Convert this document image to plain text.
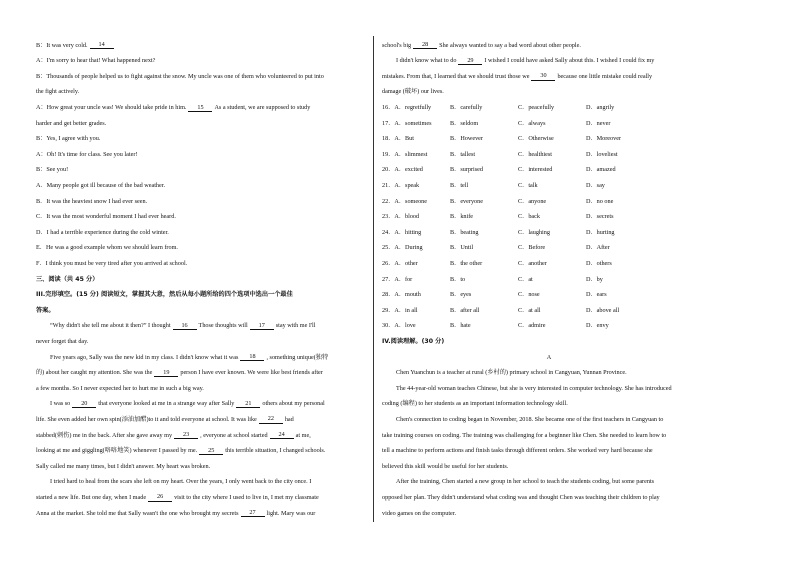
B：It was very cold.	14
A：I'm sorry to hear that! What happened next?
B：Thousands of people helped us to fight against the snow. My uncle was one of them who volunteered to put into
the fight actively.
A：How great your uncle was! We should take pride in him.	15	As a student, we are supposed to study
harder and get better grades.
B：Yes, I agree with you.
A：Oh! It's time for class. See you later!
B：See you!
A．Many people got ill because of the bad weather.
B．It was the heaviest snow I had ever seen.
C．It was the most wonderful moment I had ever heard.
D．I had a terrible experience during the cold winter.
E．He was a good example whom we should learn from.
F．I think you must be very tired after you arrived at school.
三、阅读（共 45 分）
III.完形填空。(15 分) 阅读短文，掌握其大意，然后从每小题所给的四个选项中选出一个最佳
答案。
“Why didn't she tell me about it then?” I thought	16	Those thoughts will	17	stay with me I'll
never forget that day.
Five years ago, Sally was the new kid in my class. I didn't know what it was	18	, something unique(独特
的) about her caught my attention. She was the	19	person I have ever known. We were like best friends after
a few months. So I never expected her to hurt me in such a big way.
I was so	20	that everyone looked at me in a strange way after Sally	21	others about my personal
life. She even added her own spin(添油加醋)to it and told everyone at school. It was like	22	had
stabbed(刺伤) me in the back. After she gave away my	23	, everyone at school started	24	at me,
looking at me and giggling(咯咯地笑) whenever I passed by me.	25	this terrible situation, I changed schools.
Sally called me many times, but I didn't answer. My heart was broken.
I tried hard to heal from the scars she left on my heart. Over the years, I only went back to the city once. I
started a new life. But one day, when I made	26	visit to the city where I used to live in, I met my classmate
Anna at the market. She told me that Sally wasn't the one who brought my secrets	27	light. Mary was our
school's big	28	She always wanted to say a bad word about other people.
I didn't know what to do	29	I wished I could have asked Sally about this. I wished I could fix my
mistakes. From that, I learned that we should trust those we	30	because one little mistake could really
damage (破坏) our lives.
16．A．regretfully	B．carefully	C．peacefully	D．angrily
17．A．sometimes	B．seldom	C．always	D．never
18．A．But	B．However	C．Otherwise	D．Moreover
19．A．slimmest	B．tallest	C．healthiest	D．loveliest
20．A．excited	B．surprised	C．interested	D．amazed
21．A．speak	B．tell	C．talk	D．say
22．A．someone	B．everyone	C．anyone	D．no one
23．A．blood	B．knife	C．back	D．secrets
24．A．hitting	B．beating	C．laughing	D．hurting
25．A．During	B．Until	C．Before	D．After
26．A．other	B．the other	C．another	D．others
27．A．for	B．to	C．at	D．by
28．A．mouth	B．eyes	C．nose	D．ears
29．A．in all	B．after all	C．at all	D．above all
30．A．love	B．hate	C．admire	D．envy
IV.阅读理解。(30 分)
A
Chen Yuanchun is a teacher at rural (乡村的) primary school in Cangyuan, Yunnan Province.
The 44-year-old woman teaches Chinese, but she is very interested in computer technology. She has introduced
coding (编程) to her students as an important information technology skill.
Chen's connection to coding began in November, 2018. She became one of the first teachers in Cangyuan to
take training courses on coding. The training was challenging for a beginner like Chen. She needed to learn how to
tell a machine to perform actions and finish tasks through different orders. She worked very hard because she
believed this skill would be useful for her students.
After the training, Chen started a new group in her school to teach the students coding, but some parents
opposed her plan. They didn't understand what coding was and thought Chen was teaching their children to play
video games on the computer.
